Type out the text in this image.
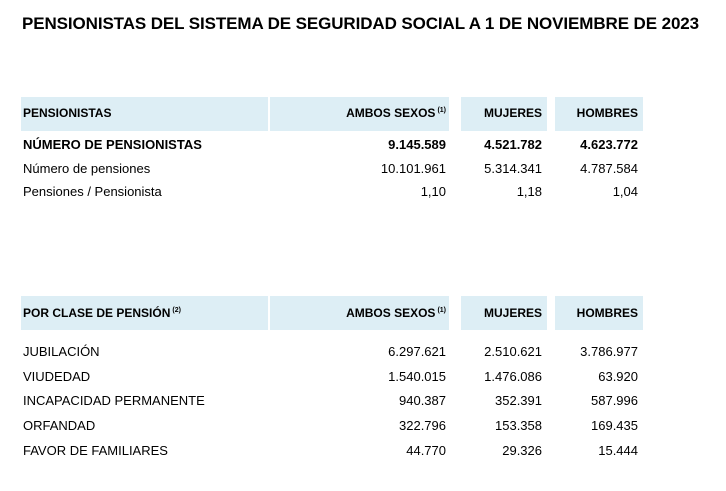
PENSIONISTAS DEL SISTEMA DE SEGURIDAD SOCIAL A 1 DE NOVIEMBRE DE 2023
PENSIONISTAS	AMBOS SEXOS $^{(1)}$	MUJERES	HOMBRES
NÚMERO DE PENSIONISTAS	9.145.589	4.521.782	4.623.772
Número de pensiones	10.101.961	5.314.341	4.787.584
Pensiones / Pensionista	1,10	1,18	1,04
POR CLASE DE PENSIÓN $^{(2)}$	AMBOS SEXOS $^{(1)}$	MUJERES	HOMBRES
JUBILACIÓN	6.297.621	2.510.621	3.786.977
VIUDEDAD	1.540.015	1.476.086	63.920
INCAPACIDAD PERMANENTE	940.387	352.391	587.996
ORFANDAD	322.796	153.358	169.435
FAVOR DE FAMILIARES	44.770	29.326	15.444
